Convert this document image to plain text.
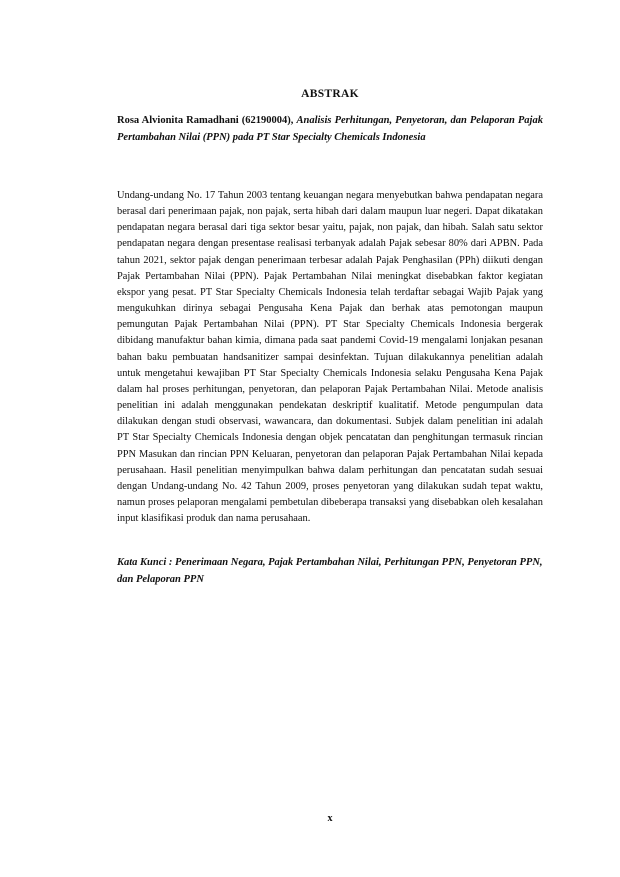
ABSTRAK
Rosa Alvionita Ramadhani (62190004), Analisis Perhitungan, Penyetoran, dan Pelaporan Pajak Pertambahan Nilai (PPN) pada PT Star Specialty Chemicals Indonesia

Undang-undang No. 17 Tahun 2003 tentang keuangan negara menyebutkan bahwa pendapatan negara berasal dari penerimaan pajak, non pajak, serta hibah dari dalam maupun luar negeri. Dapat dikatakan pendapatan negara berasal dari tiga sektor besar yaitu, pajak, non pajak, dan hibah. Salah satu sektor pendapatan negara dengan presentase realisasi terbanyak adalah Pajak sebesar 80% dari APBN. Pada tahun 2021, sektor pajak dengan penerimaan terbesar adalah Pajak Penghasilan (PPh) diikuti dengan Pajak Pertambahan Nilai (PPN). Pajak Pertambahan Nilai meningkat disebabkan faktor kegiatan ekspor yang pesat. PT Star Specialty Chemicals Indonesia telah terdaftar sebagai Wajib Pajak yang mengukuhkan dirinya sebagai Pengusaha Kena Pajak dan berhak atas pemotongan maupun pemungutan Pajak Pertambahan Nilai (PPN). PT Star Specialty Chemicals Indonesia bergerak dibidang manufaktur bahan kimia, dimana pada saat pandemi Covid-19 mengalami lonjakan pesanan bahan baku pembuatan handsanitizer sampai desinfektan. Tujuan dilakukannya penelitian adalah untuk mengetahui kewajiban PT Star Specialty Chemicals Indonesia selaku Pengusaha Kena Pajak dalam hal proses perhitungan, penyetoran, dan pelaporan Pajak Pertambahan Nilai. Metode analisis penelitian ini adalah menggunakan pendekatan deskriptif kualitatif. Metode pengumpulan data dilakukan dengan studi observasi, wawancara, dan dokumentasi. Subjek dalam penelitian ini adalah PT Star Specialty Chemicals Indonesia dengan objek pencatatan dan penghitungan termasuk rincian PPN Masukan dan rincian PPN Keluaran, penyetoran dan pelaporan Pajak Pertambahan Nilai kepada perusahaan. Hasil penelitian menyimpulkan bahwa dalam perhitungan dan pencatatan sudah sesuai dengan Undang-undang No. 42 Tahun 2009, proses penyetoran yang dilakukan sudah tepat waktu, namun proses pelaporan mengalami pembetulan dibeberapa transaksi yang disebabkan oleh kesalahan input klasifikasi produk dan nama perusahaan.

Kata Kunci : Penerimaan Negara, Pajak Pertambahan Nilai, Perhitungan PPN, Penyetoran PPN, dan Pelaporan PPN
x
